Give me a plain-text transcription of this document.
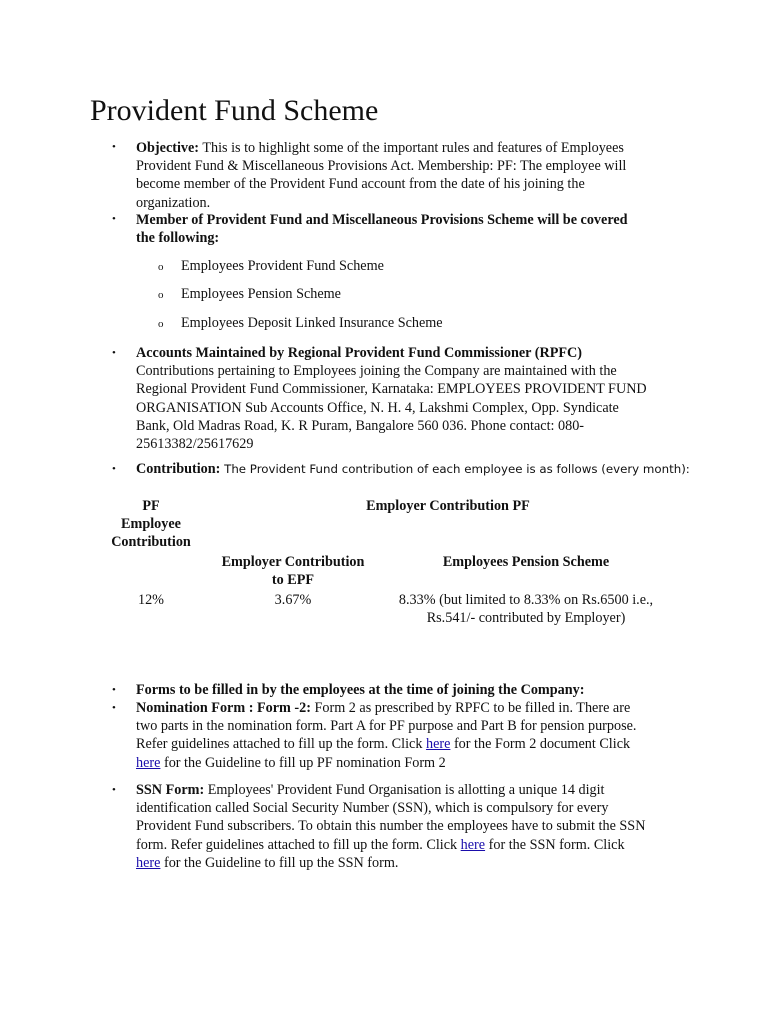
Provident Fund Scheme
• Objective: This is to highlight some of the important rules and features of Employees
Provident Fund & Miscellaneous Provisions Act. Membership: PF: The employee will
become member of the Provident Fund account from the date of his joining the
organization.
• Member of Provident Fund and Miscellaneous Provisions Scheme will be covered
the following:
o Employees Provident Fund Scheme
o Employees Pension Scheme
o Employees Deposit Linked Insurance Scheme
• Accounts Maintained by Regional Provident Fund Commissioner (RPFC)
Contributions pertaining to Employees joining the Company are maintained with the
Regional Provident Fund Commissioner, Karnataka: EMPLOYEES PROVIDENT FUND
ORGANISATION Sub Accounts Office, N. H. 4, Lakshmi Complex, Opp. Syndicate
Bank, Old Madras Road, K. R Puram, Bangalore 560 036. Phone contact: 080-
25613382/25617629
• Contribution: The Provident Fund contribution of each employee is as follows (every month):
PF
Employee
Contribution
Employer Contribution PF
Employer Contribution
to EPF
Employees Pension Scheme
12%	3.67%	8.33% (but limited to 8.33% on Rs.6500 i.e.,
Rs.541/- contributed by Employer)
• Forms to be filled in by the employees at the time of joining the Company:
• Nomination Form : Form -2: Form 2 as prescribed by RPFC to be filled in. There are
two parts in the nomination form. Part A for PF purpose and Part B for pension purpose.
Refer guidelines attached to fill up the form. Click here for the Form 2 document Click
here for the Guideline to fill up PF nomination Form 2
• SSN Form: Employees' Provident Fund Organisation is allotting a unique 14 digit
identification called Social Security Number (SSN), which is compulsory for every
Provident Fund subscribers. To obtain this number the employees have to submit the SSN
form. Refer guidelines attached to fill up the form. Click here for the SSN form. Click
here for the Guideline to fill up the SSN form.
